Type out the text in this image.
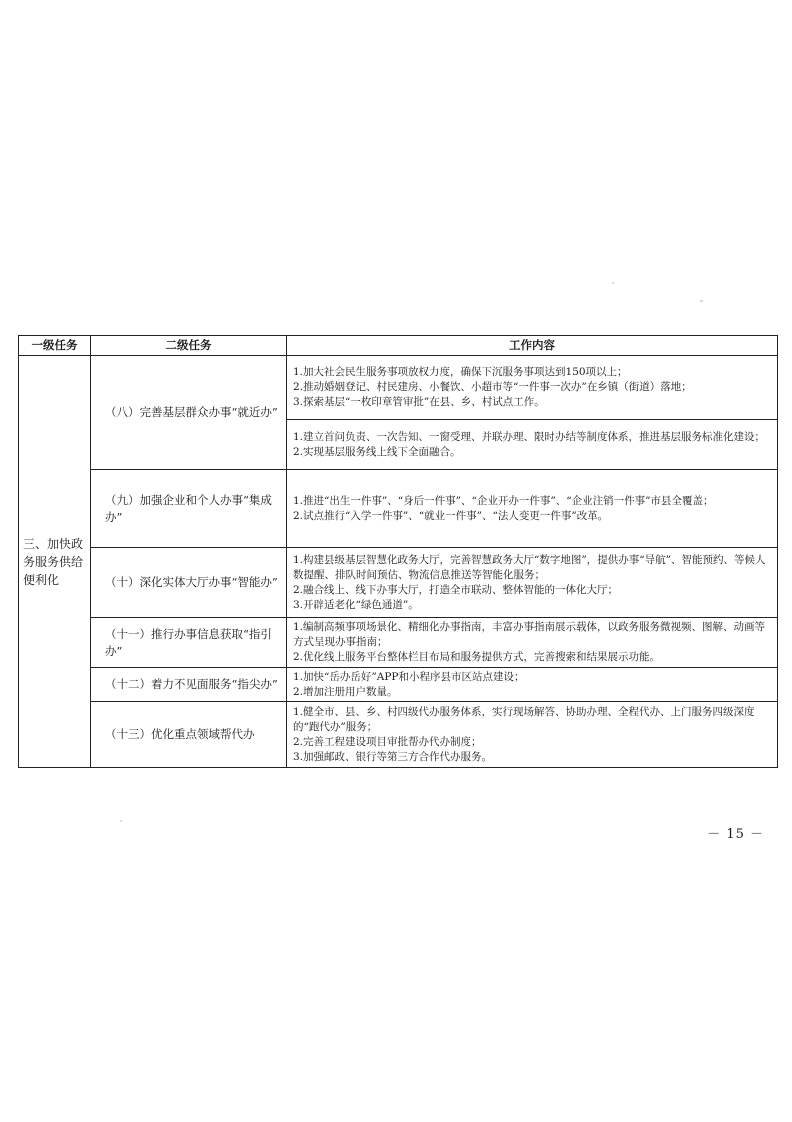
一级任务	二级任务	工作内容
三、加快政务服务供给便利化	（八）完善基层群众办事“就近办”	1.加大社会民生服务事项放权力度，确保下沉服务事项达到150项以上；
2.推动婚姻登记、村民建房、小餐饮、小超市等“一件事一次办”在乡镇（街道）落地；
3.探索基层“一枚印章管审批”在县、乡、村试点工作。

		1.建立首问负责、一次告知、一窗受理、并联办理、限时办结等制度体系，推进基层服务标准化建设；
2.实现基层服务线上线下全面融合。

	（九）加强企业和个人办事“集成办”	1.推进“出生一件事”、“身后一件事”、“企业开办一件事”、“企业注销一件事”市县全覆盖；
2.试点推行“入学一件事”、“就业一件事”、“法人变更一件事”改革。

	（十）深化实体大厅办事“智能办”	1.构建县级基层智慧化政务大厅，完善智慧政务大厅“数字地图”，提供办事“导航”、智能预约、等候人数提醒、排队时间预估、物流信息推送等智能化服务；
2.融合线上、线下办事大厅，打造全市联动、整体智能的一体化大厅；
3.开辟适老化“绿色通道”。

	（十一）推行办事信息获取“指引办”	1.编制高频事项场景化、精细化办事指南，丰富办事指南展示载体，以政务服务微视频、图解、动画等方式呈现办事指南；
2.优化线上服务平台整体栏目布局和服务提供方式，完善搜索和结果展示功能。

	（十二）着力不见面服务“指尖办”	1.加快“岳办岳好”APP和小程序县市区站点建设；
2.增加注册用户数量。

	（十三）优化重点领域帮代办	1.健全市、县、乡、村四级代办服务体系，实行现场解答、协助办理、全程代办、上门服务四级深度的“跑代办”服务；
2.完善工程建设项目审批帮办代办制度；
3.加强邮政、银行等第三方合作代办服务。
－ 15 －
